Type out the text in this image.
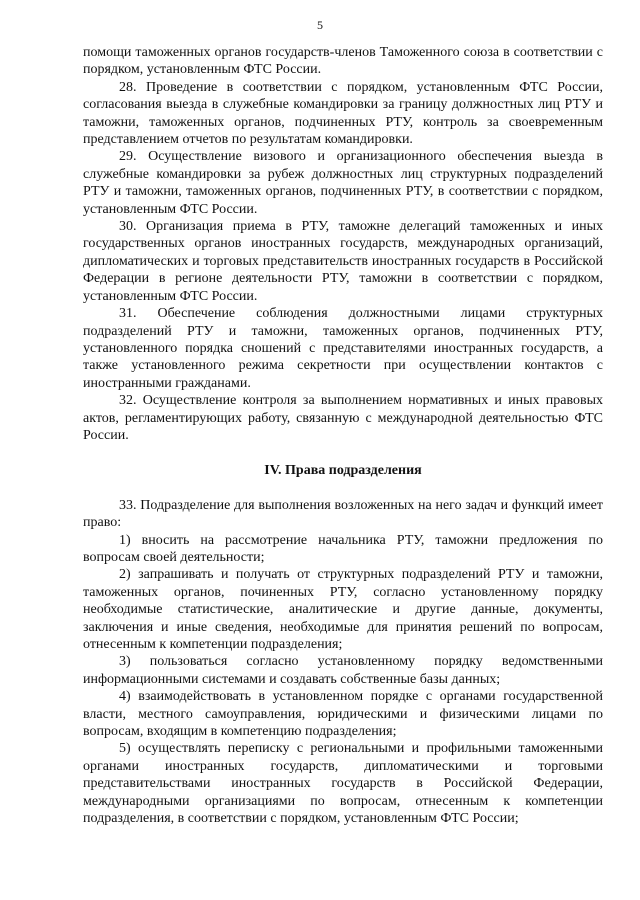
5

помощи таможенных органов государств-членов Таможенного союза в соответствии с порядком, установленным ФТС России.

28. Проведение в соответствии с порядком, установленным ФТС России, согласования выезда в служебные командировки за границу должностных лиц РТУ и таможни, таможенных органов, подчиненных РТУ, контроль за своевременным представлением отчетов по результатам командировки.

29. Осуществление визового и организационного обеспечения выезда в служебные командировки за рубеж должностных лиц структурных подразделений РТУ и таможни, таможенных органов, подчиненных РТУ, в соответствии с порядком, установленным ФТС России.

30. Организация приема в РТУ, таможне делегаций таможенных и иных государственных органов иностранных государств, международных организаций, дипломатических и торговых представительств иностранных государств в Российской Федерации в регионе деятельности РТУ, таможни в соответствии с порядком, установленным ФТС России.

31. Обеспечение соблюдения должностными лицами структурных подразделений РТУ и таможни, таможенных органов, подчиненных РТУ, установленного порядка сношений с представителями иностранных государств, а также установленного режима секретности при осуществлении контактов с иностранными гражданами.

32. Осуществление контроля за выполнением нормативных и иных правовых актов, регламентирующих работу, связанную с международной деятельностью ФТС России.

IV. Права подразделения

33. Подразделение для выполнения возложенных на него задач и функций имеет право:

1) вносить на рассмотрение начальника РТУ, таможни предложения по вопросам своей деятельности;

2) запрашивать и получать от структурных подразделений РТУ и таможни, таможенных органов, починенных РТУ, согласно установленному порядку необходимые статистические, аналитические и другие данные, документы, заключения и иные сведения, необходимые для принятия решений по вопросам, отнесенным к компетенции подразделения;

3) пользоваться согласно установленному порядку ведомственными информационными системами и создавать собственные базы данных;

4) взаимодействовать в установленном порядке с органами государственной власти, местного самоуправления, юридическими и физическими лицами по вопросам, входящим в компетенцию подразделения;

5) осуществлять переписку с региональными и профильными таможенными органами иностранных государств, дипломатическими и торговыми представительствами иностранных государств в Российской Федерации, международными организациями по вопросам, отнесенным к компетенции подразделения, в соответствии с порядком, установленным ФТС России;
